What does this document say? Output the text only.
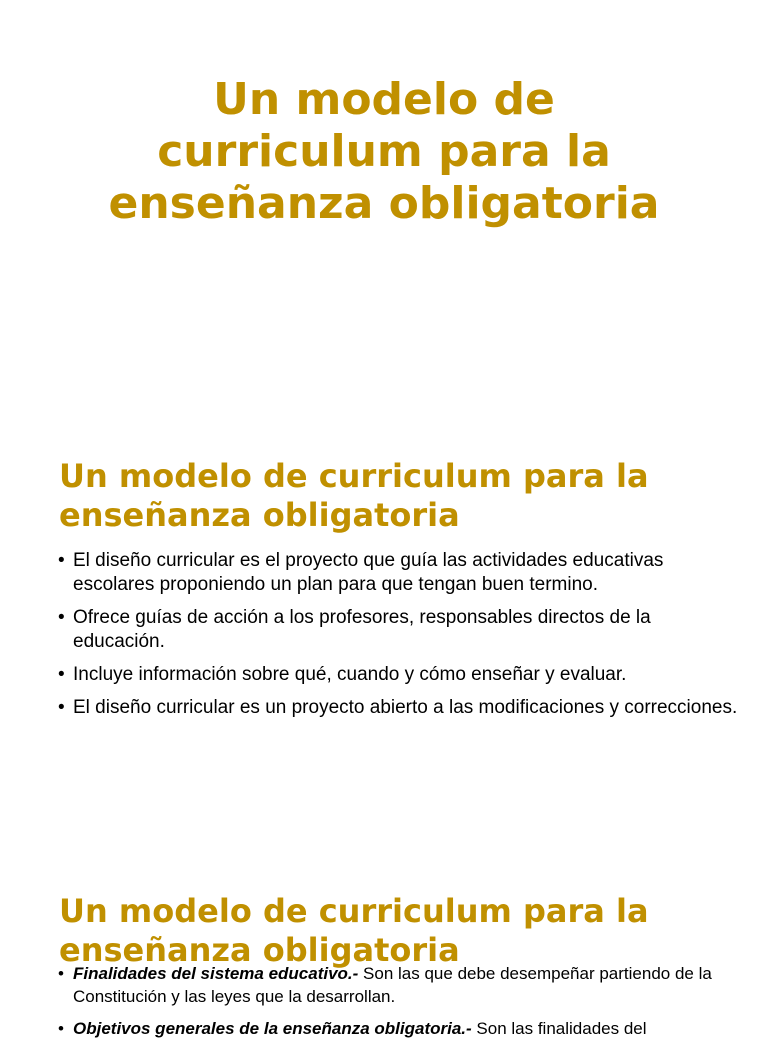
Un modelo de curriculum para la enseñanza obligatoria
Un modelo de curriculum para la enseñanza obligatoria
• El diseño curricular es el proyecto que guía las actividades educativas escolares proponiendo un plan para que tengan buen termino.
• Ofrece guías de acción a los profesores, responsables directos de la educación.
• Incluye información sobre qué, cuando y cómo enseñar y evaluar.
• El diseño curricular es un proyecto abierto a las modificaciones y correcciones.
Un modelo de curriculum para la enseñanza obligatoria
• Finalidades del sistema educativo.- Son las que debe desempeñar partiendo de la Constitución y las leyes que la desarrollan.
• Objetivos generales de la enseñanza obligatoria.- Son las finalidades del
